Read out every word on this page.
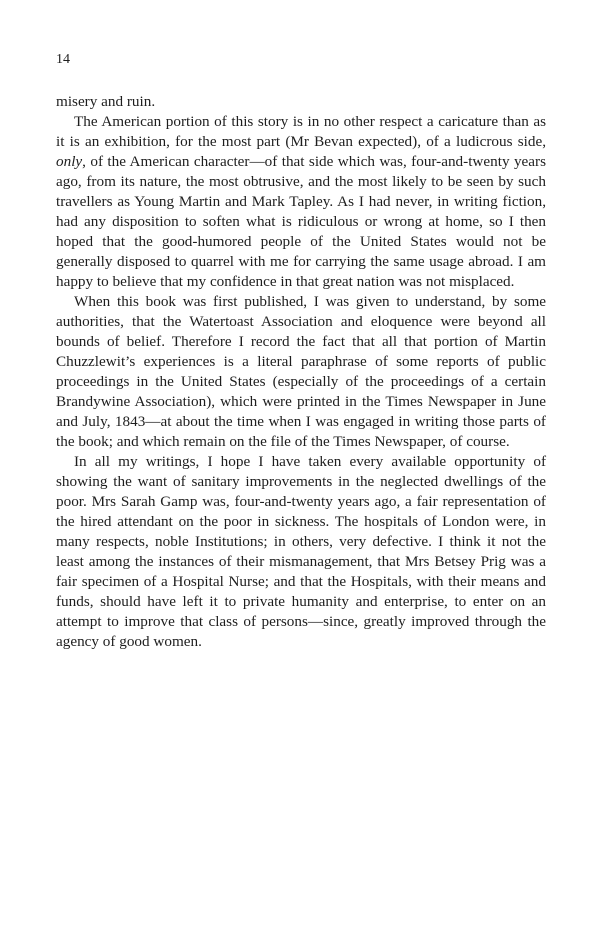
14

misery and ruin.

The American portion of this story is in no other respect a caricature than as it is an exhibition, for the most part (Mr Bevan expected), of a ludicrous side, only, of the American character—of that side which was, four-and-twenty years ago, from its nature, the most obtrusive, and the most likely to be seen by such travellers as Young Martin and Mark Tapley. As I had never, in writing fiction, had any disposition to soften what is ridiculous or wrong at home, so I then hoped that the good-humored people of the United States would not be generally disposed to quarrel with me for carrying the same usage abroad. I am happy to believe that my confidence in that great nation was not misplaced.

When this book was first published, I was given to understand, by some authorities, that the Watertoast Association and eloquence were beyond all bounds of belief. Therefore I record the fact that all that portion of Martin Chuzzlewit’s experiences is a literal paraphrase of some reports of public proceedings in the United States (especially of the proceedings of a certain Brandywine Association), which were printed in the Times Newspaper in June and July, 1843—at about the time when I was engaged in writing those parts of the book; and which remain on the file of the Times Newspaper, of course.

In all my writings, I hope I have taken every available opportunity of showing the want of sanitary improvements in the neglected dwellings of the poor. Mrs Sarah Gamp was, four-and-twenty years ago, a fair representation of the hired attendant on the poor in sickness. The hospitals of London were, in many respects, noble Institutions; in others, very defective. I think it not the least among the instances of their mismanagement, that Mrs Betsey Prig was a fair specimen of a Hospital Nurse; and that the Hospitals, with their means and funds, should have left it to private humanity and enterprise, to enter on an attempt to improve that class of persons—since, greatly improved through the agency of good women.
